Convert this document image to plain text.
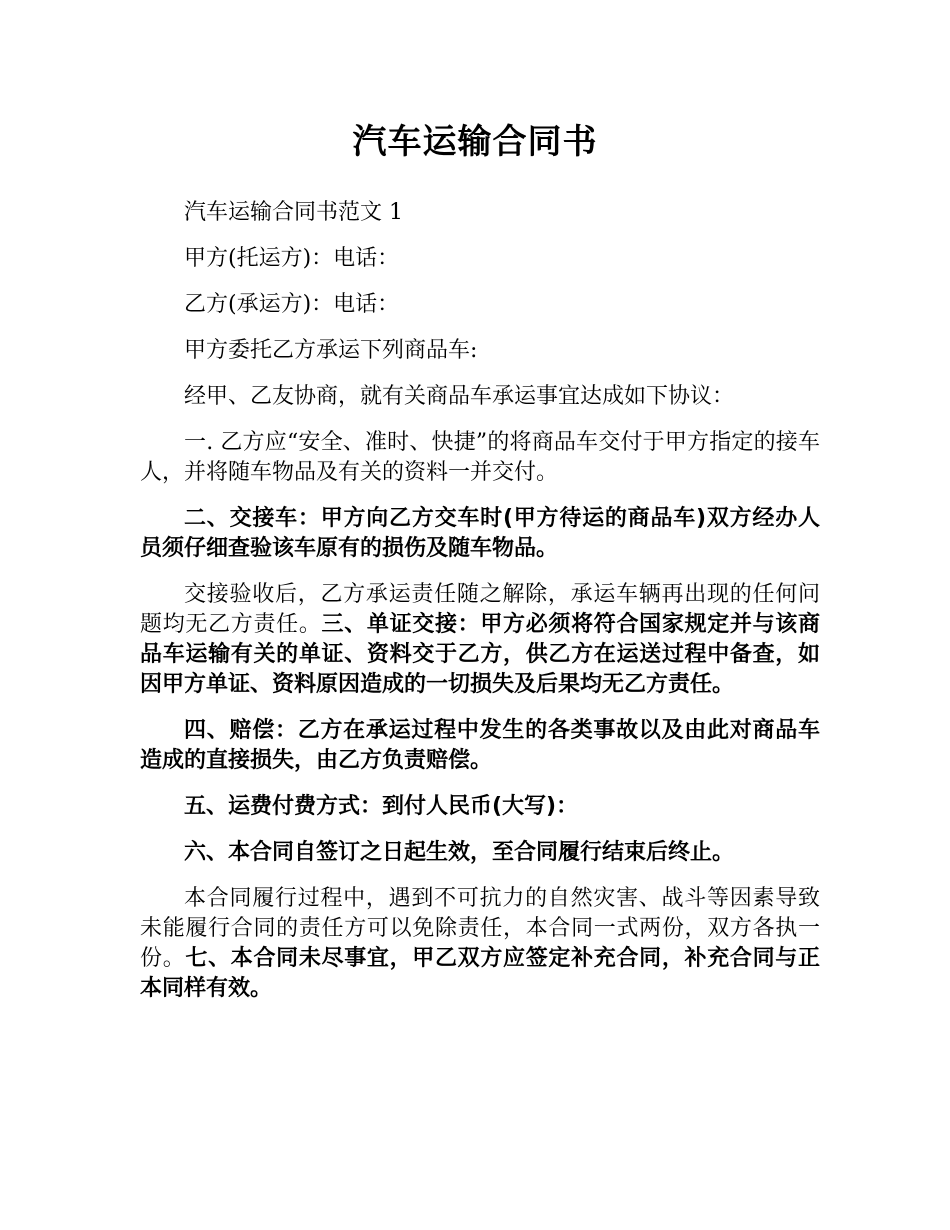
汽车运输合同书

汽车运输合同书范文 1

甲方(托运方)：电话：

乙方(承运方)：电话：

甲方委托乙方承运下列商品车:

经甲、乙友协商，就有关商品车承运事宜达成如下协议：

一. 乙方应“安全、准时、快捷”的将商品车交付于甲方指定的接车人，并将随车物品及有关的资料一并交付。

二、交接车：甲方向乙方交车时(甲方待运的商品车)双方经办人员须仔细查验该车原有的损伤及随车物品。

交接验收后，乙方承运责任随之解除，承运车辆再出现的任何问题均无乙方责任。三、单证交接：甲方必须将符合国家规定并与该商品车运输有关的单证、资料交于乙方，供乙方在运送过程中备查，如因甲方单证、资料原因造成的一切损失及后果均无乙方责任。

四、赔偿：乙方在承运过程中发生的各类事故以及由此对商品车造成的直接损失，由乙方负责赔偿。

五、运费付费方式：到付人民币(大写)：

六、本合同自签订之日起生效，至合同履行结束后终止。

本合同履行过程中，遇到不可抗力的自然灾害、战斗等因素导致未能履行合同的责任方可以免除责任，本合同一式两份，双方各执一份。七、本合同未尽事宜，甲乙双方应签定补充合同，补充合同与正本同样有效。
